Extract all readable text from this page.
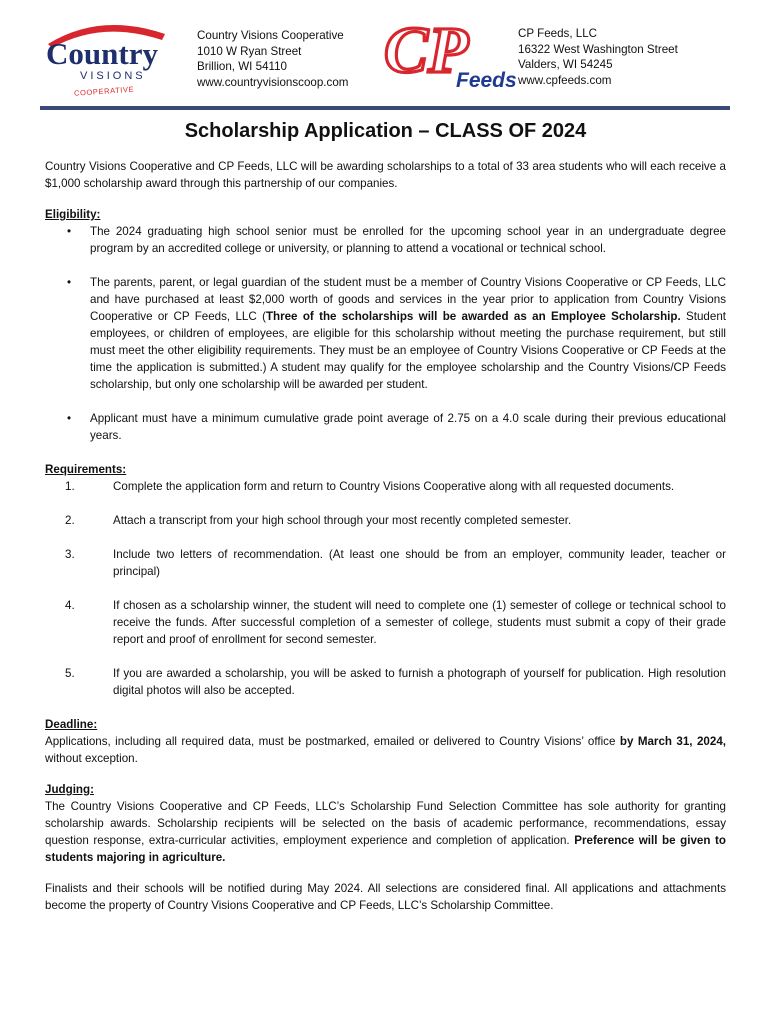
Country
VISIONS
COOPERATIVE
Country Visions Cooperative
1010 W Ryan Street
Brillion, WI 54110
www.countryvisionscoop.com CP
Feeds
CP Feeds, LLC
16322 West Washington Street
Valders, WI 54245
www.cpfeeds.com
Scholarship Application – CLASS OF 2024

Country Visions Cooperative and CP Feeds, LLC will be awarding scholarships to a total of 33 area students who will each receive a $1,000 scholarship award through this partnership of our companies.

Eligibility:
• The 2024 graduating high school senior must be enrolled for the upcoming school year in an undergraduate degree program by an accredited college or university, or planning to attend a vocational or technical school.
• The parents, parent, or legal guardian of the student must be a member of Country Visions Cooperative or CP Feeds, LLC and have purchased at least $2,000 worth of goods and services in the year prior to application from Country Visions Cooperative or CP Feeds, LLC (Three of the scholarships will be awarded as an Employee Scholarship. Student employees, or children of employees, are eligible for this scholarship without meeting the purchase requirement, but still must meet the other eligibility requirements. They must be an employee of Country Visions Cooperative or CP Feeds at the time the application is submitted.) A student may qualify for the employee scholarship and the Country Visions/CP Feeds scholarship, but only one scholarship will be awarded per student.
• Applicant must have a minimum cumulative grade point average of 2.75 on a 4.0 scale during their previous educational years.
Requirements:
1.	Complete the application form and return to Country Visions Cooperative along with all requested documents.
2.	Attach a transcript from your high school through your most recently completed semester.
3.	Include two letters of recommendation. (At least one should be from an employer, community leader, teacher or principal)
4.	If chosen as a scholarship winner, the student will need to complete one (1) semester of college or technical school to receive the funds. After successful completion of a semester of college, students must submit a copy of their grade report and proof of enrollment for second semester.
5.	If you are awarded a scholarship, you will be asked to furnish a photograph of yourself for publication. High resolution digital photos will also be accepted.
Deadline:

Applications, including all required data, must be postmarked, emailed or delivered to Country Visions’ office by March 31, 2024, without exception.

Judging:

The Country Visions Cooperative and CP Feeds, LLC’s Scholarship Fund Selection Committee has sole authority for granting scholarship awards. Scholarship recipients will be selected on the basis of academic performance, recommendations, essay question response, extra-curricular activities, employment experience and completion of application. Preference will be given to students majoring in agriculture.

Finalists and their schools will be notified during May 2024. All selections are considered final. All applications and attachments become the property of Country Visions Cooperative and CP Feeds, LLC’s Scholarship Committee.
